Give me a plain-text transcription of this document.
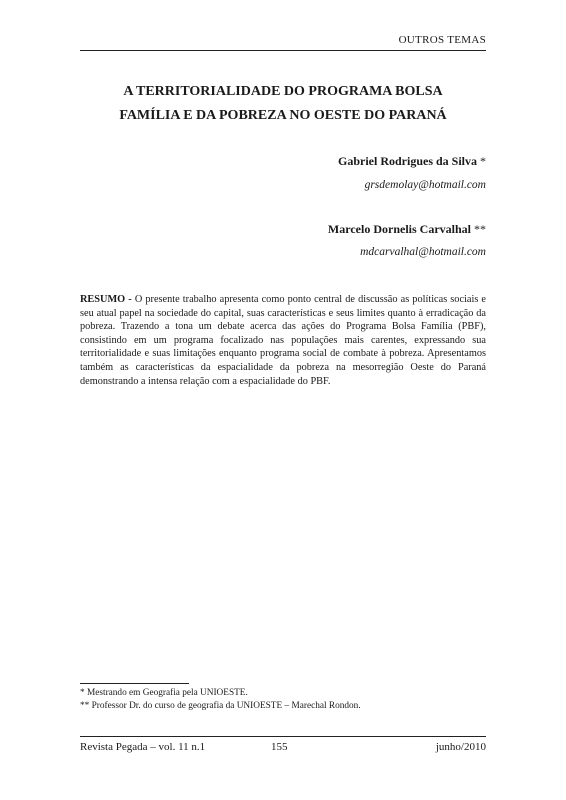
OUTROS TEMAS
A TERRITORIALIDADE DO PROGRAMA BOLSA
FAMÍLIA E DA POBREZA NO OESTE DO PARANÁ
Gabriel Rodrigues da Silva *
grsdemolay@hotmail.com
Marcelo Dornelis Carvalhal **
mdcarvalhal@hotmail.com
RESUMO - O presente trabalho apresenta como ponto central de discussão as políticas sociais e seu atual papel na sociedade do capital, suas características e seus limites quanto à erradicação da pobreza. Trazendo a tona um debate acerca das ações do Programa Bolsa Família (PBF), consistindo em um programa focalizado nas populações mais carentes, expressando sua territorialidade e suas limitações enquanto programa social de combate à pobreza. Apresentamos também as características da espacialidade da pobreza na mesorregião Oeste do Paraná demonstrando a intensa relação com a espacialidade do PBF.
* Mestrando em Geografia pela UNIOESTE.
** Professor Dr. do curso de geografia da UNIOESTE – Marechal Rondon.
Revista Pegada – vol. 11 n.1	155	junho/2010
